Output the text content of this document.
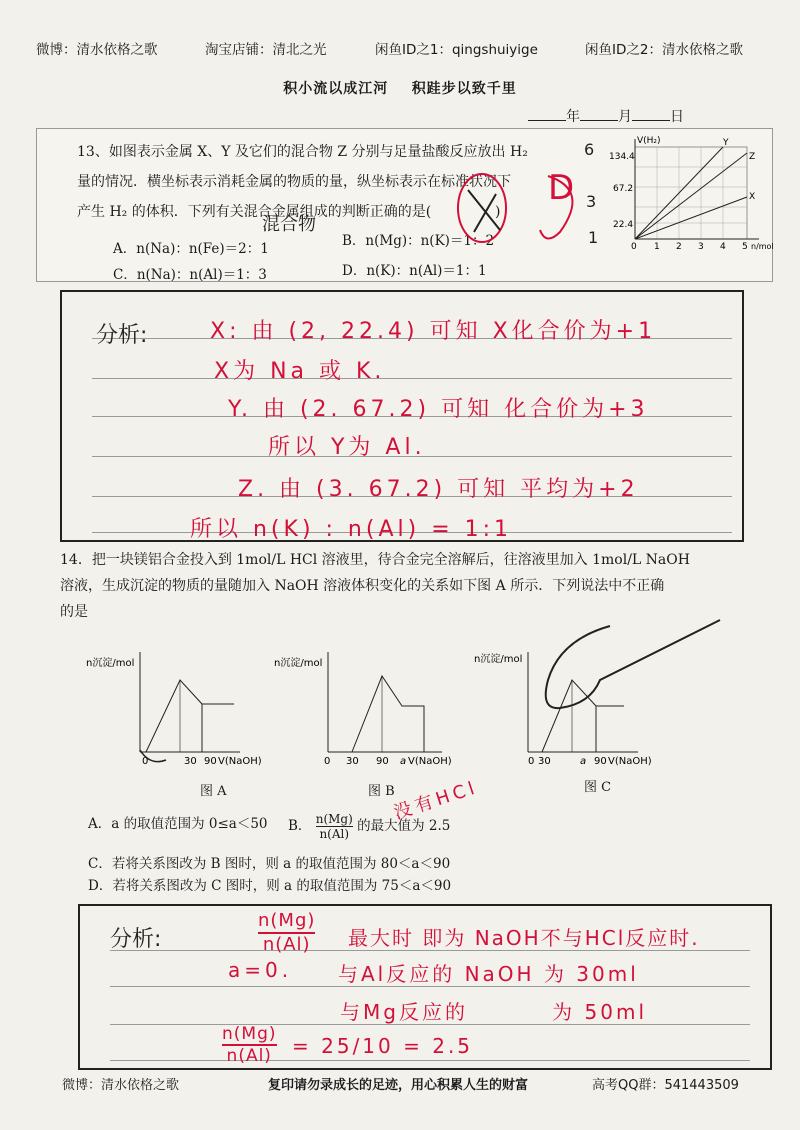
微博：清水依格之歌	淘宝店铺：清北之光	闲鱼ID之1：qingshuiyige	闲鱼ID之2：清水依格之歌
积小流以成江河    积跬步以致千里
年	月	日
13、如图表示金属 X、Y 及它们的混合物 Z 分别与足量盐酸反应放出 H₂
量的情况．横坐标表示消耗金属的物质的量，纵坐标表示在标准状况下
产生 H₂ 的体积．下列有关混合金属组成的判断正确的是(	)
A．n(Na)：n(Fe)＝2：1	B．n(Mg)：n(K)＝1：2
C．n(Na)：n(Al)＝1：3	D．n(K)：n(Al)＝1：1
V(H₂)
134.4
67.2
22.4
0 1 2 3 4 5 n/mol
Y
Z
X
6
3
1
混合物
D
分析:	X: 由 (2, 22.4) 可知 X化合价为+1
X为 Na 或 K.
Y. 由 (2. 67.2) 可知 化合价为+3
所以 Y为 Al.
Z. 由 (3. 67.2) 可知 平均为+2
所以 n(K) : n(Al) = 1:1
14．把一块镁铝合金投入到 1mol/L HCl 溶液里，待合金完全溶解后，往溶液里加入 1mol/L NaOH
溶液，生成沉淀的物质的量随加入 NaOH 溶液体积变化的关系如下图 A 所示．下列说法中不正确
的是
n沉淀/mol
0	30 90 V(NaOH)
图 A
n沉淀/mol
0 30 90 a V(NaOH)
图 B
n沉淀/mol
0 30	90
a V(NaOH)
图 C
没有HCl
A．a 的取值范围为 0≤a＜50 B． $\frac{n(Mg)}{n(Al)}$ 的最大值为 2.5
C．若将关系图改为 B 图时，则 a 的取值范围为 80＜a＜90
D．若将关系图改为 C 图时，则 a 的取值范围为 75＜a＜90
分析:
n(Mg)
n(Al) 最大时 即为 NaOH不与HCl反应时.
a=0. 与Al反应的 NaOH 为 30ml
与Mg反应的         为 50ml
n(Mg)
n(Al) = 25/10 = 2.5
微博：清水依格之歌	复印请勿录成长的足迹，用心积累人生的财富	高考QQ群：541443509
